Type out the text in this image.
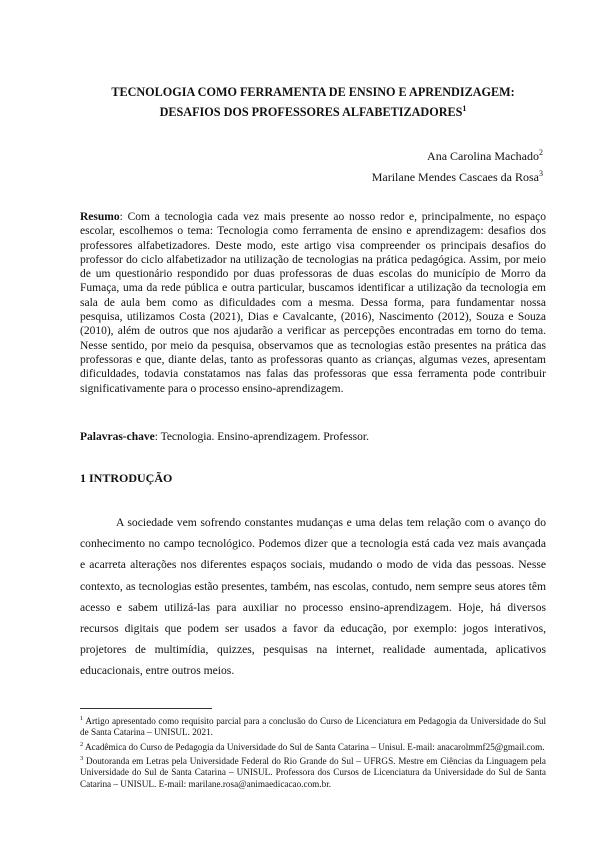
TECNOLOGIA COMO FERRAMENTA DE ENSINO E APRENDIZAGEM:
DESAFIOS DOS PROFESSORES ALFABETIZADORES$^1$
Ana Carolina Machado$^2$
Marilane Mendes Cascaes da Rosa$^3$
Resumo: Com a tecnologia cada vez mais presente ao nosso redor e, principalmente, no espaço escolar, escolhemos o tema: Tecnologia como ferramenta de ensino e aprendizagem: desafios dos professores alfabetizadores. Deste modo, este artigo visa compreender os principais desafios do professor do ciclo alfabetizador na utilização de tecnologias na prática pedagógica. Assim, por meio de um questionário respondido por duas professoras de duas escolas do município de Morro da Fumaça, uma da rede pública e outra particular, buscamos identificar a utilização da tecnologia em sala de aula bem como as dificuldades com a mesma. Dessa forma, para fundamentar nossa pesquisa, utilizamos Costa (2021), Dias e Cavalcante, (2016), Nascimento (2012), Souza e Souza (2010), além de outros que nos ajudarão a verificar as percepções encontradas em torno do tema. Nesse sentido, por meio da pesquisa, observamos que as tecnologias estão presentes na prática das professoras e que, diante delas, tanto as professoras quanto as crianças, algumas vezes, apresentam dificuldades, todavia constatamos nas falas das professoras que essa ferramenta pode contribuir significativamente para o processo ensino-aprendizagem.
Palavras-chave: Tecnologia. Ensino-aprendizagem. Professor.
1 INTRODUÇÃO

A sociedade vem sofrendo constantes mudanças e uma delas tem relação com o avanço do conhecimento no campo tecnológico. Podemos dizer que a tecnologia está cada vez mais avançada e acarreta alterações nos diferentes espaços sociais, mudando o modo de vida das pessoas. Nesse contexto, as tecnologias estão presentes, também, nas escolas, contudo, nem sempre seus atores têm acesso e sabem utilizá-las para auxiliar no processo ensino-aprendizagem. Hoje, há diversos recursos digitais que podem ser usados a favor da educação, por exemplo: jogos interativos, projetores de multimídia, quizzes, pesquisas na internet, realidade aumentada, aplicativos educacionais, entre outros meios.

$^1$ Artigo apresentado como requisito parcial para a conclusão do Curso de Licenciatura em Pedagogia da Universidade do Sul de Santa Catarina – UNISUL. 2021.

$^2$ Acadêmica do Curso de Pedagogia da Universidade do Sul de Santa Catarina – Unisul. E-mail: anacarolmmf25@gmail.com.

$^3$ Doutoranda em Letras pela Universidade Federal do Rio Grande do Sul – UFRGS. Mestre em Ciências da Linguagem pela Universidade do Sul de Santa Catarina – UNISUL. Professora dos Cursos de Licenciatura da Universidade do Sul de Santa Catarina – UNISUL. E-mail: marilane.rosa@animaedicacao.com.br.
